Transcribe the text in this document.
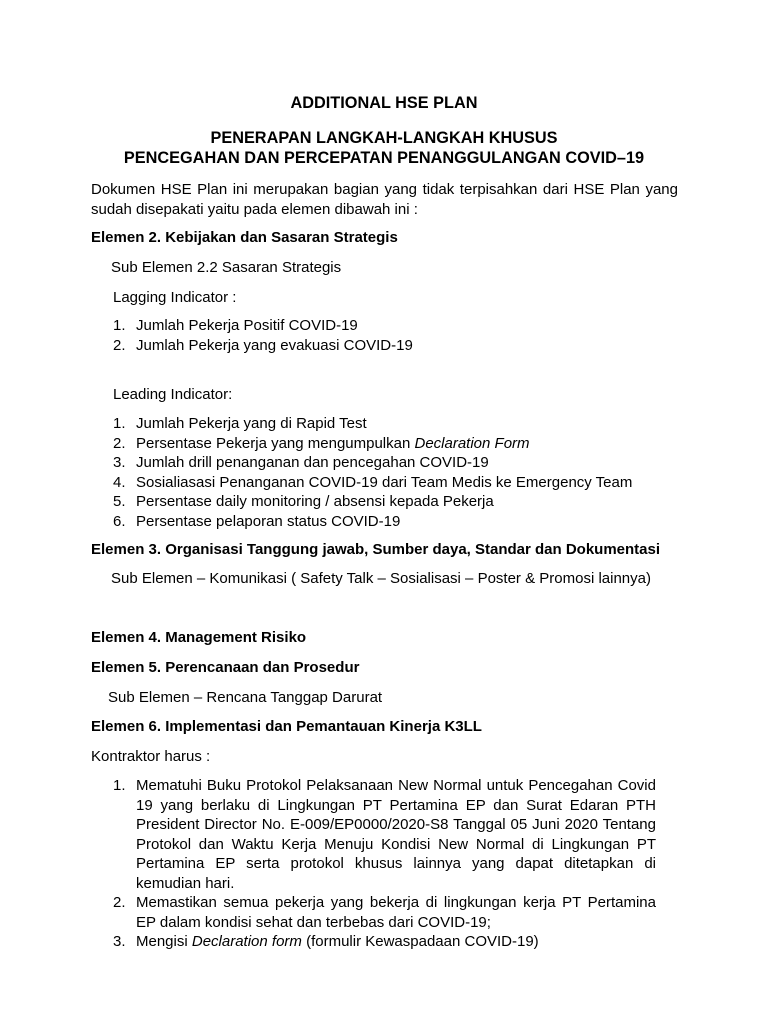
ADDITIONAL HSE PLAN
PENERAPAN LANGKAH-LANGKAH KHUSUS
PENCEGAHAN DAN PERCEPATAN PENANGGULANGAN COVID–19

Dokumen HSE Plan ini merupakan bagian yang tidak terpisahkan dari HSE Plan yang sudah disepakati yaitu pada elemen dibawah ini :

Elemen 2. Kebijakan dan Sasaran Strategis

Sub Elemen 2.2 Sasaran Strategis

Lagging Indicator :

1. Jumlah Pekerja Positif COVID-19
2. Jumlah Pekerja yang evakuasi COVID-19

Leading Indicator:

1. Jumlah Pekerja yang di Rapid Test
2. Persentase Pekerja yang mengumpulkan Declaration Form
3. Jumlah drill penanganan dan pencegahan COVID-19
4. Sosialiasasi Penanganan COVID-19 dari Team Medis ke Emergency Team
5. Persentase daily monitoring / absensi kepada Pekerja
6. Persentase pelaporan status COVID-19

Elemen 3. Organisasi Tanggung jawab, Sumber daya, Standar dan Dokumentasi

Sub Elemen – Komunikasi ( Safety Talk – Sosialisasi – Poster & Promosi lainnya)

Elemen 4. Management Risiko

Elemen 5. Perencanaan dan Prosedur

Sub Elemen – Rencana Tanggap Darurat

Elemen 6. Implementasi dan Pemantauan Kinerja K3LL

Kontraktor harus :

1. Mematuhi Buku Protokol Pelaksanaan New Normal untuk Pencegahan Covid 19 yang berlaku di Lingkungan PT Pertamina EP dan Surat Edaran PTH President Director No. E-009/EP0000/2020-S8 Tanggal 05 Juni 2020 Tentang Protokol dan Waktu Kerja Menuju Kondisi New Normal di Lingkungan PT Pertamina EP serta protokol khusus lainnya yang dapat ditetapkan di kemudian hari.
2. Memastikan semua pekerja yang bekerja di lingkungan kerja PT Pertamina EP dalam kondisi sehat dan terbebas dari COVID-19;
3. Mengisi Declaration form (formulir Kewaspadaan COVID-19)
